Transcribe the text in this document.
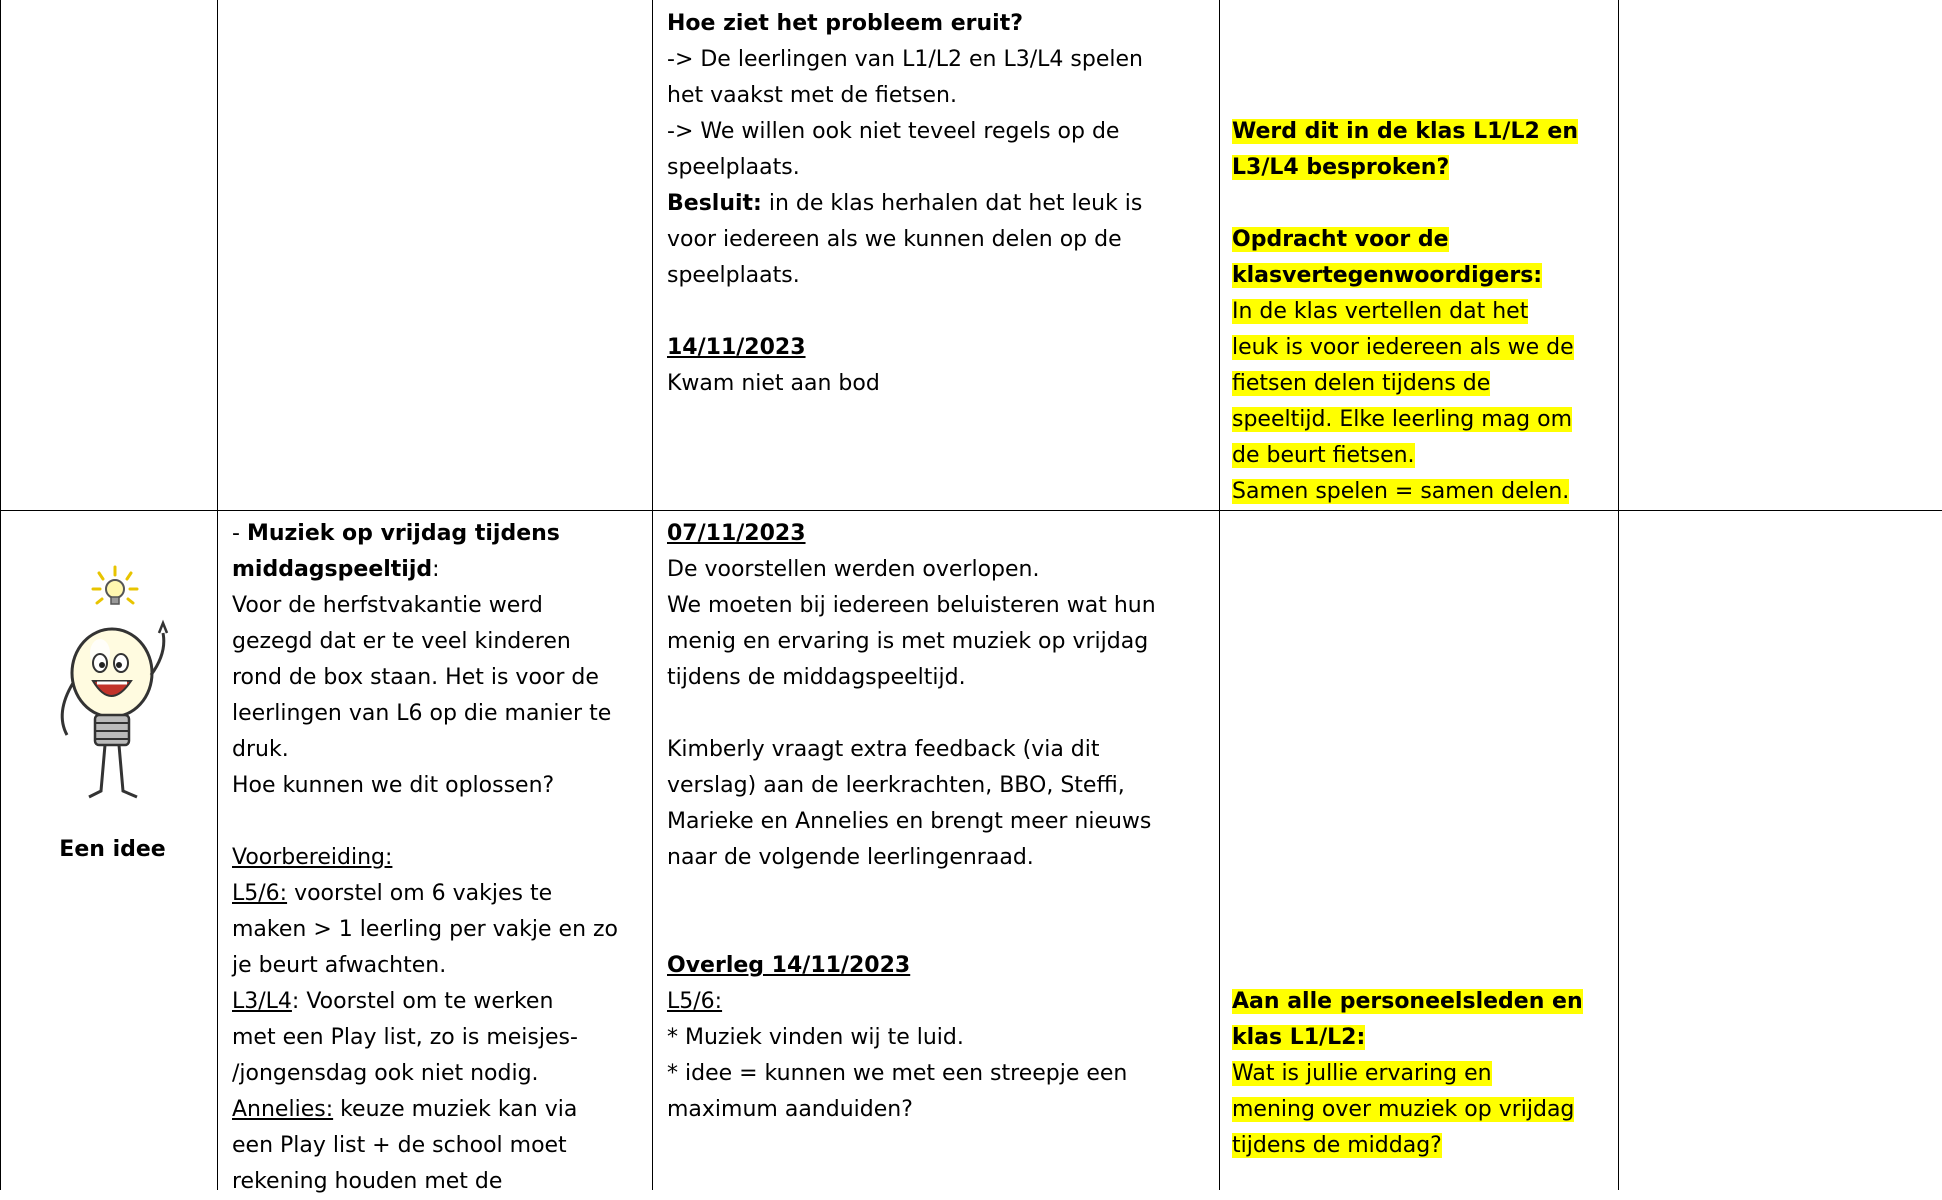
Hoe ziet het probleem eruit?

-> De leerlingen van L1/L2 en L3/L4 spelen

het vaakst met de fietsen.

-> We willen ook niet teveel regels op de

speelplaats.

Besluit: in de klas herhalen dat het leuk is

voor iedereen als we kunnen delen op de

speelplaats.

14/11/2023

Kwam niet aan bod

Werd dit in de klas L1/L2 en

L3/L4 besproken?

Opdracht voor de

klasvertegenwoordigers:

In de klas vertellen dat het

leuk is voor iedereen als we de

fietsen delen tijdens de

speeltijd. Elke leerling mag om

de beurt fietsen.

Samen spelen = samen delen.

Een idee

- Muziek op vrijdag tijdens

middagspeeltijd:

Voor de herfstvakantie werd

gezegd dat er te veel kinderen

rond de box staan. Het is voor de

leerlingen van L6 op die manier te

druk.

Hoe kunnen we dit oplossen?

Voorbereiding:

L5/6: voorstel om 6 vakjes te

maken > 1 leerling per vakje en zo

je beurt afwachten.

L3/L4: Voorstel om te werken

met een Play list, zo is meisjes-

/jongensdag ook niet nodig.

Annelies: keuze muziek kan via

een Play list + de school moet

rekening houden met de

07/11/2023

De voorstellen werden overlopen.

We moeten bij iedereen beluisteren wat hun

menig en ervaring is met muziek op vrijdag

tijdens de middagspeeltijd.

Kimberly vraagt extra feedback (via dit

verslag) aan de leerkrachten, BBO, Steffi,

Marieke en Annelies en brengt meer nieuws

naar de volgende leerlingenraad.

Overleg 14/11/2023

L5/6:

* Muziek vinden wij te luid.

* idee = kunnen we met een streepje een

maximum aanduiden?

Aan alle personeelsleden en

klas L1/L2:

Wat is jullie ervaring en

mening over muziek op vrijdag

tijdens de middag?
